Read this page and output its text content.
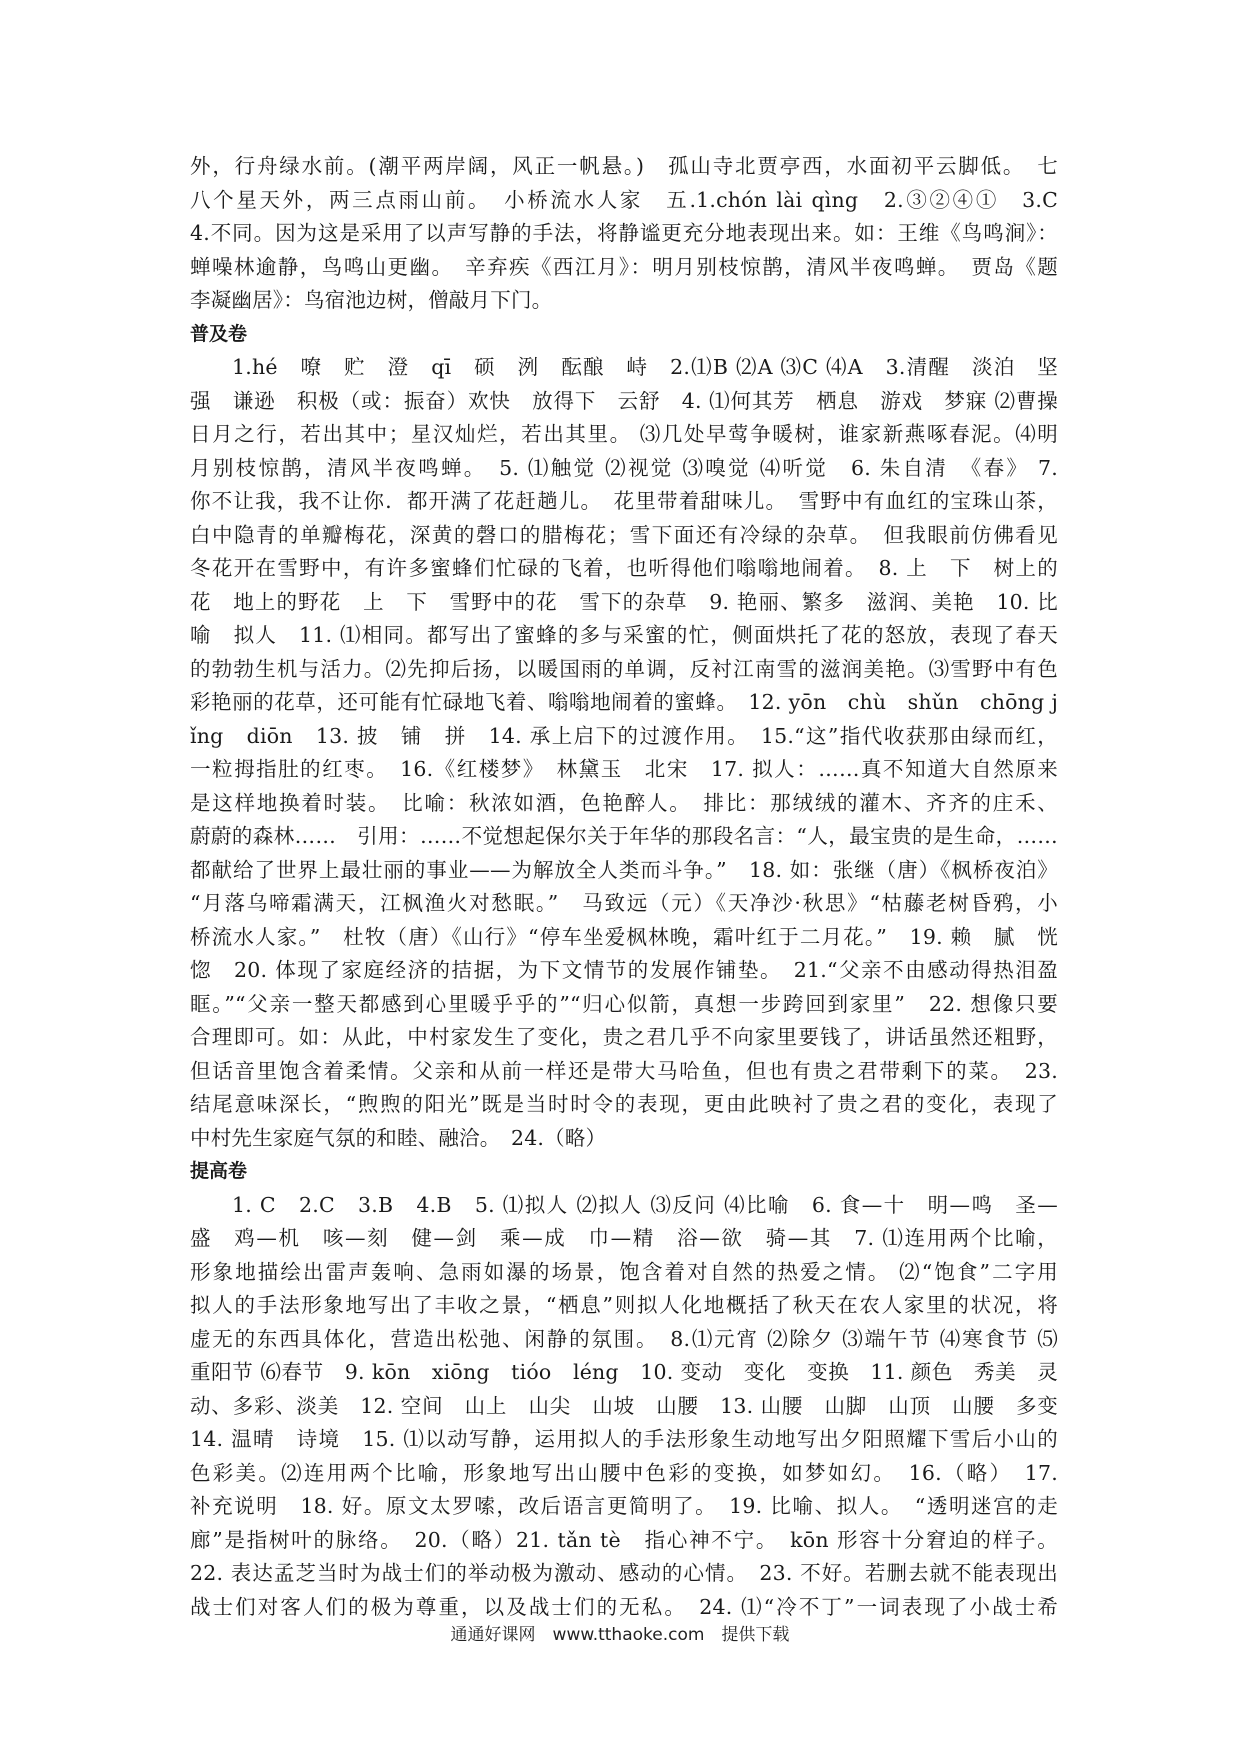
外，行舟绿水前。(潮平两岸阔，风正一帆悬。)　孤山寺北贾亭西，水面初平云脚低。　七
八个星天外，两三点雨山前。　小桥流水人家　五.1.chón lài qìng　2.③②④①　3.C
4.不同。因为这是采用了以声写静的手法，将静谧更充分地表现出来。如：王维《鸟鸣涧》：
蝉噪林逾静，鸟鸣山更幽。　辛弃疾《西江月》：明月别枝惊鹊，清风半夜鸣蝉。　贾岛《题
李凝幽居》：鸟宿池边树，僧敲月下门。
普及卷
1.hé　嘹　贮　澄　qī　硕　洌　酝酿　峙　2.⑴B ⑵A ⑶C ⑷A　3.清醒　淡泊　坚
强　谦逊　积极（或：振奋）欢快　放得下　云舒　4. ⑴何其芳　栖息　游戏　梦寐 ⑵曹操
日月之行，若出其中；星汉灿烂，若出其里。 ⑶几处早莺争暖树，谁家新燕啄春泥。⑷明
月别枝惊鹊，清风半夜鸣蝉。　5. ⑴触觉 ⑵视觉 ⑶嗅觉 ⑷听觉　6. 朱自清　《春》 7.
你不让我，我不让你．都开满了花赶趟儿。　花里带着甜味儿。　雪野中有血红的宝珠山茶，
白中隐青的单瓣梅花，深黄的磬口的腊梅花；雪下面还有冷绿的杂草。　但我眼前仿佛看见
冬花开在雪野中，有许多蜜蜂们忙碌的飞着，也听得他们嗡嗡地闹着。　8. 上　下　树上的
花　地上的野花　上　下　雪野中的花　雪下的杂草　9. 艳丽、繁多　滋润、美艳　10. 比
喻　拟人　11. ⑴相同。都写出了蜜蜂的多与采蜜的忙，侧面烘托了花的怒放，表现了春天
的勃勃生机与活力。⑵先抑后扬，以暖国雨的单调，反衬江南雪的滋润美艳。⑶雪野中有色
彩艳丽的花草，还可能有忙碌地飞着、嗡嗡地闹着的蜜蜂。　12. yōn　chù　shǔn　chōng j
ǐng　diōn　13. 披　铺　拼　14. 承上启下的过渡作用。　15.“这”指代收获那由绿而红，
一粒拇指肚的红枣。　16.《红楼梦》　林黛玉　北宋　17. 拟人：……真不知道大自然原来
是这样地换着时装。　比喻：秋浓如酒，色艳醉人。　排比：那绒绒的灌木、齐齐的庄禾、
蔚蔚的森林……　引用：……不觉想起保尔关于年华的那段名言：“人，最宝贵的是生命，……
都献给了世界上最壮丽的事业——为解放全人类而斗争。”　18. 如：张继（唐）《枫桥夜泊》
“月落乌啼霜满天，江枫渔火对愁眠。”　马致远（元）《天净沙·秋思》“枯藤老树昏鸦，小
桥流水人家。”　杜牧（唐）《山行》“停车坐爱枫林晚，霜叶红于二月花。”　19. 赖　腻　恍
惚　20. 体现了家庭经济的拮据，为下文情节的发展作铺垫。　21.“父亲不由感动得热泪盈
眶。”“父亲一整天都感到心里暖乎乎的”“归心似箭，真想一步跨回到家里”　22. 想像只要
合理即可。如：从此，中村家发生了变化，贵之君几乎不向家里要钱了，讲话虽然还粗野，
但话音里饱含着柔情。父亲和从前一样还是带大马哈鱼，但也有贵之君带剩下的菜。　23.
结尾意味深长，“煦煦的阳光”既是当时时令的表现，更由此映衬了贵之君的变化，表现了
中村先生家庭气氛的和睦、融洽。　24.（略）
提高卷
1. C　2.C　3.B　4.B　5. ⑴拟人 ⑵拟人 ⑶反问 ⑷比喻　6. 食—十　明—鸣　圣—
盛　鸡—机　咳—刻　健—剑　乘—成　巾—精　浴—欲　骑—其　7. ⑴连用两个比喻，
形象地描绘出雷声轰响、急雨如瀑的场景，饱含着对自然的热爱之情。 ⑵“饱食”二字用
拟人的手法形象地写出了丰收之景，“栖息”则拟人化地概括了秋天在农人家里的状况，将
虚无的东西具体化，营造出松弛、闲静的氛围。　8.⑴元宵 ⑵除夕 ⑶端午节 ⑷寒食节 ⑸
重阳节 ⑹春节　9. kōn　xiōng　tióo　léng　10. 变动　变化　变换　11. 颜色　秀美　灵
动、多彩、淡美　12. 空间　山上　山尖　山坡　山腰　13. 山腰　山脚　山顶　山腰　多变
14. 温晴　诗境　15. ⑴以动写静，运用拟人的手法形象生动地写出夕阳照耀下雪后小山的
色彩美。⑵连用两个比喻，形象地写出山腰中色彩的变换，如梦如幻。　16.（略）　17.
补充说明　18. 好。原文太罗嗦，改后语言更简明了。　19. 比喻、拟人。　“透明迷宫的走
廊”是指树叶的脉络。　20.（略）21. tǎn tè　指心神不宁。　kōn 形容十分窘迫的样子。
22. 表达孟芝当时为战士们的举动极为激动、感动的心情。　23. 不好。若删去就不能表现出
战士们对客人们的极为尊重，以及战士们的无私。　24. ⑴“冷不丁”一词表现了小战士希
通通好课网　www.tthaoke.com　提供下载
